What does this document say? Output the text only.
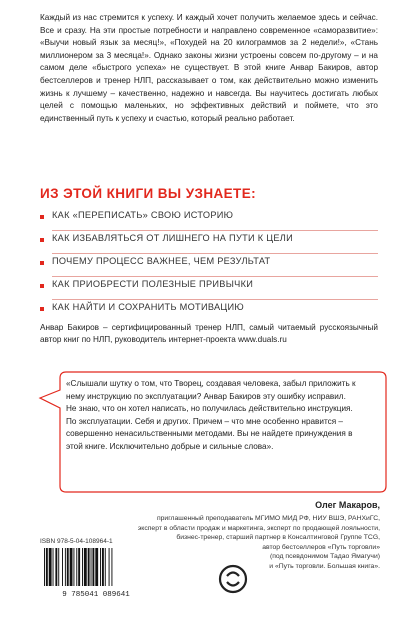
Каждый из нас стремится к успеху. И каждый хочет получить желаемое здесь и сейчас. Все и сразу. На эти простые потребности и направлено современное «саморазвитие»: «Выучи новый язык за месяц!», «Похудей на 20 килограммов за 2 недели!», «Стань миллионером за 3 месяца!». Однако законы жизни устроены совсем по-другому – и на самом деле «быстрого успеха» не существует. В этой книге Анвар Бакиров, автор бестселлеров и тренер НЛП, рассказывает о том, как действительно можно изменить жизнь к лучшему – качественно, надежно и навсегда. Вы научитесь достигать любых целей с помощью маленьких, но эффективных действий и поймете, что это единственный путь к успеху и счастью, который реально работает.
ИЗ ЭТОЙ КНИГИ ВЫ УЗНАЕТЕ:
КАК «ПЕРЕПИСАТЬ» СВОЮ ИСТОРИЮ
КАК ИЗБАВЛЯТЬСЯ ОТ ЛИШНЕГО НА ПУТИ К ЦЕЛИ
ПОЧЕМУ ПРОЦЕСС ВАЖНЕЕ, ЧЕМ РЕЗУЛЬТАТ
КАК ПРИОБРЕСТИ ПОЛЕЗНЫЕ ПРИВЫЧКИ
КАК НАЙТИ И СОХРАНИТЬ МОТИВАЦИЮ
Анвар Бакиров – сертифицированный тренер НЛП, самый читаемый русскоязычный автор книг по НЛП, руководитель интернет-проекта www.duals.ru
«Слышали шутку о том, что Творец, создавая человека, забыл приложить к нему инструкцию по эксплуатации? Анвар Бакиров эту ошибку исправил. Не знаю, что он хотел написать, но получилась действительно инструкция. По эксплуатации. Себя и других. Причем – что мне особенно нравится – совершенно ненасильственными методами. Вы не найдете принуждения в этой книге. Исключительно добрые и сильные слова».
Олег Макаров,
приглашенный преподаватель МГИМО МИД РФ, НИУ ВШЭ, РАНХиГС,
эксперт в области продаж и маркетинга, эксперт по продающей лояльности,
бизнес-тренер, старший партнер в Консалтинговой Группе TCG,
автор бестселлеров «Путь торговли»
(под псевдонимом Тадао Ямагучи)
и «Путь торговли. Большая книга».
ISBN 978-5-04-108964-1
9 785041 089641
